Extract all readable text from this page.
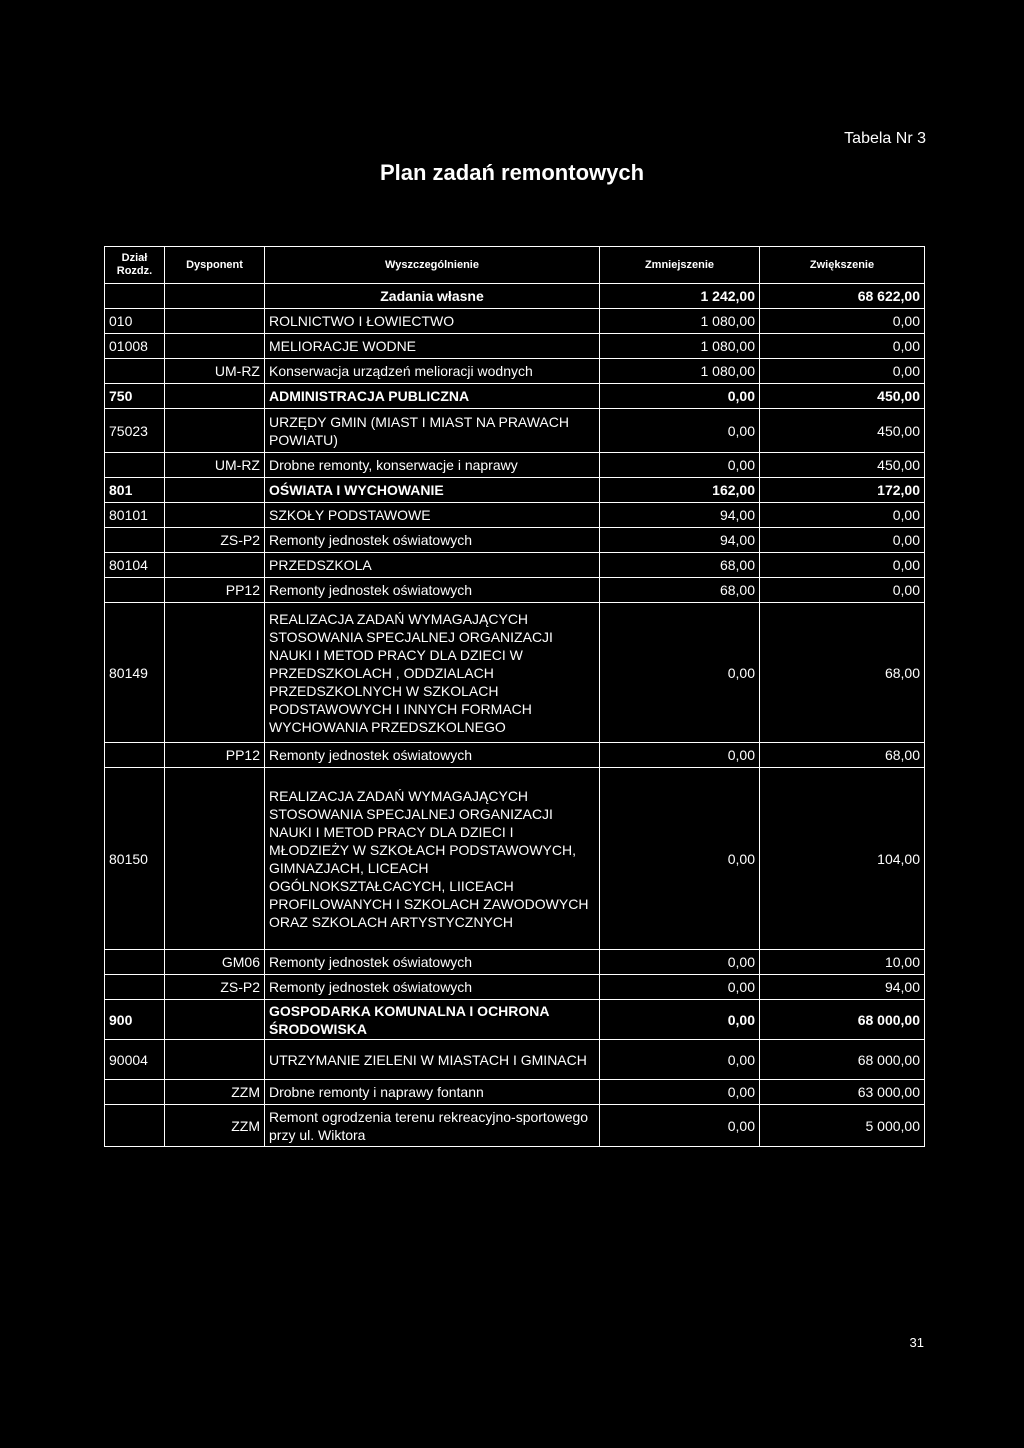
Tabela Nr 3
Plan zadań remontowych
Dział
Rozdz.	Dysponent	Wyszczególnienie	Zmniejszenie	Zwiększenie
		Zadania własne	1 242,00	68 622,00
010		ROLNICTWO I ŁOWIECTWO	1 080,00	0,00
01008		MELIORACJE WODNE	1 080,00	0,00
	UM-RZ	Konserwacja urządzeń melioracji wodnych	1 080,00	0,00
750		ADMINISTRACJA PUBLICZNA	0,00	450,00
75023		URZĘDY GMIN (MIAST I MIAST NA PRAWACH POWIATU)	0,00	450,00
	UM-RZ	Drobne remonty, konserwacje i naprawy	0,00	450,00
801		OŚWIATA I WYCHOWANIE	162,00	172,00
80101		SZKOŁY PODSTAWOWE	94,00	0,00
	ZS-P2	Remonty jednostek oświatowych	94,00	0,00
80104		PRZEDSZKOLA	68,00	0,00
	PP12	Remonty jednostek oświatowych	68,00	0,00
80149		REALIZACJA ZADAŃ WYMAGAJĄCYCH STOSOWANIA SPECJALNEJ ORGANIZACJI NAUKI I METOD PRACY DLA DZIECI W PRZEDSZKOLACH , ODDZIALACH PRZEDSZKOLNYCH W SZKOLACH PODSTAWOWYCH I INNYCH FORMACH WYCHOWANIA PRZEDSZKOLNEGO	0,00	68,00
	PP12	Remonty jednostek oświatowych	0,00	68,00
80150		REALIZACJA ZADAŃ WYMAGAJĄCYCH STOSOWANIA SPECJALNEJ ORGANIZACJI NAUKI I METOD PRACY DLA DZIECI I MŁODZIEŻY W SZKOŁACH PODSTAWOWYCH, GIMNAZJACH, LICEACH OGÓLNOKSZTAŁCACYCH, LIICEACH PROFILOWANYCH I SZKOLACH ZAWODOWYCH ORAZ SZKOLACH ARTYSTYCZNYCH	0,00	104,00
	GM06	Remonty jednostek oświatowych	0,00	10,00
	ZS-P2	Remonty jednostek oświatowych	0,00	94,00
900		GOSPODARKA KOMUNALNA I OCHRONA ŚRODOWISKA	0,00	68 000,00
90004		UTRZYMANIE ZIELENI W MIASTACH I GMINACH	0,00	68 000,00
	ZZM	Drobne remonty i naprawy fontann	0,00	63 000,00
	ZZM	Remont ogrodzenia terenu rekreacyjno-sportowego przy ul. Wiktora	0,00	5 000,00
31
